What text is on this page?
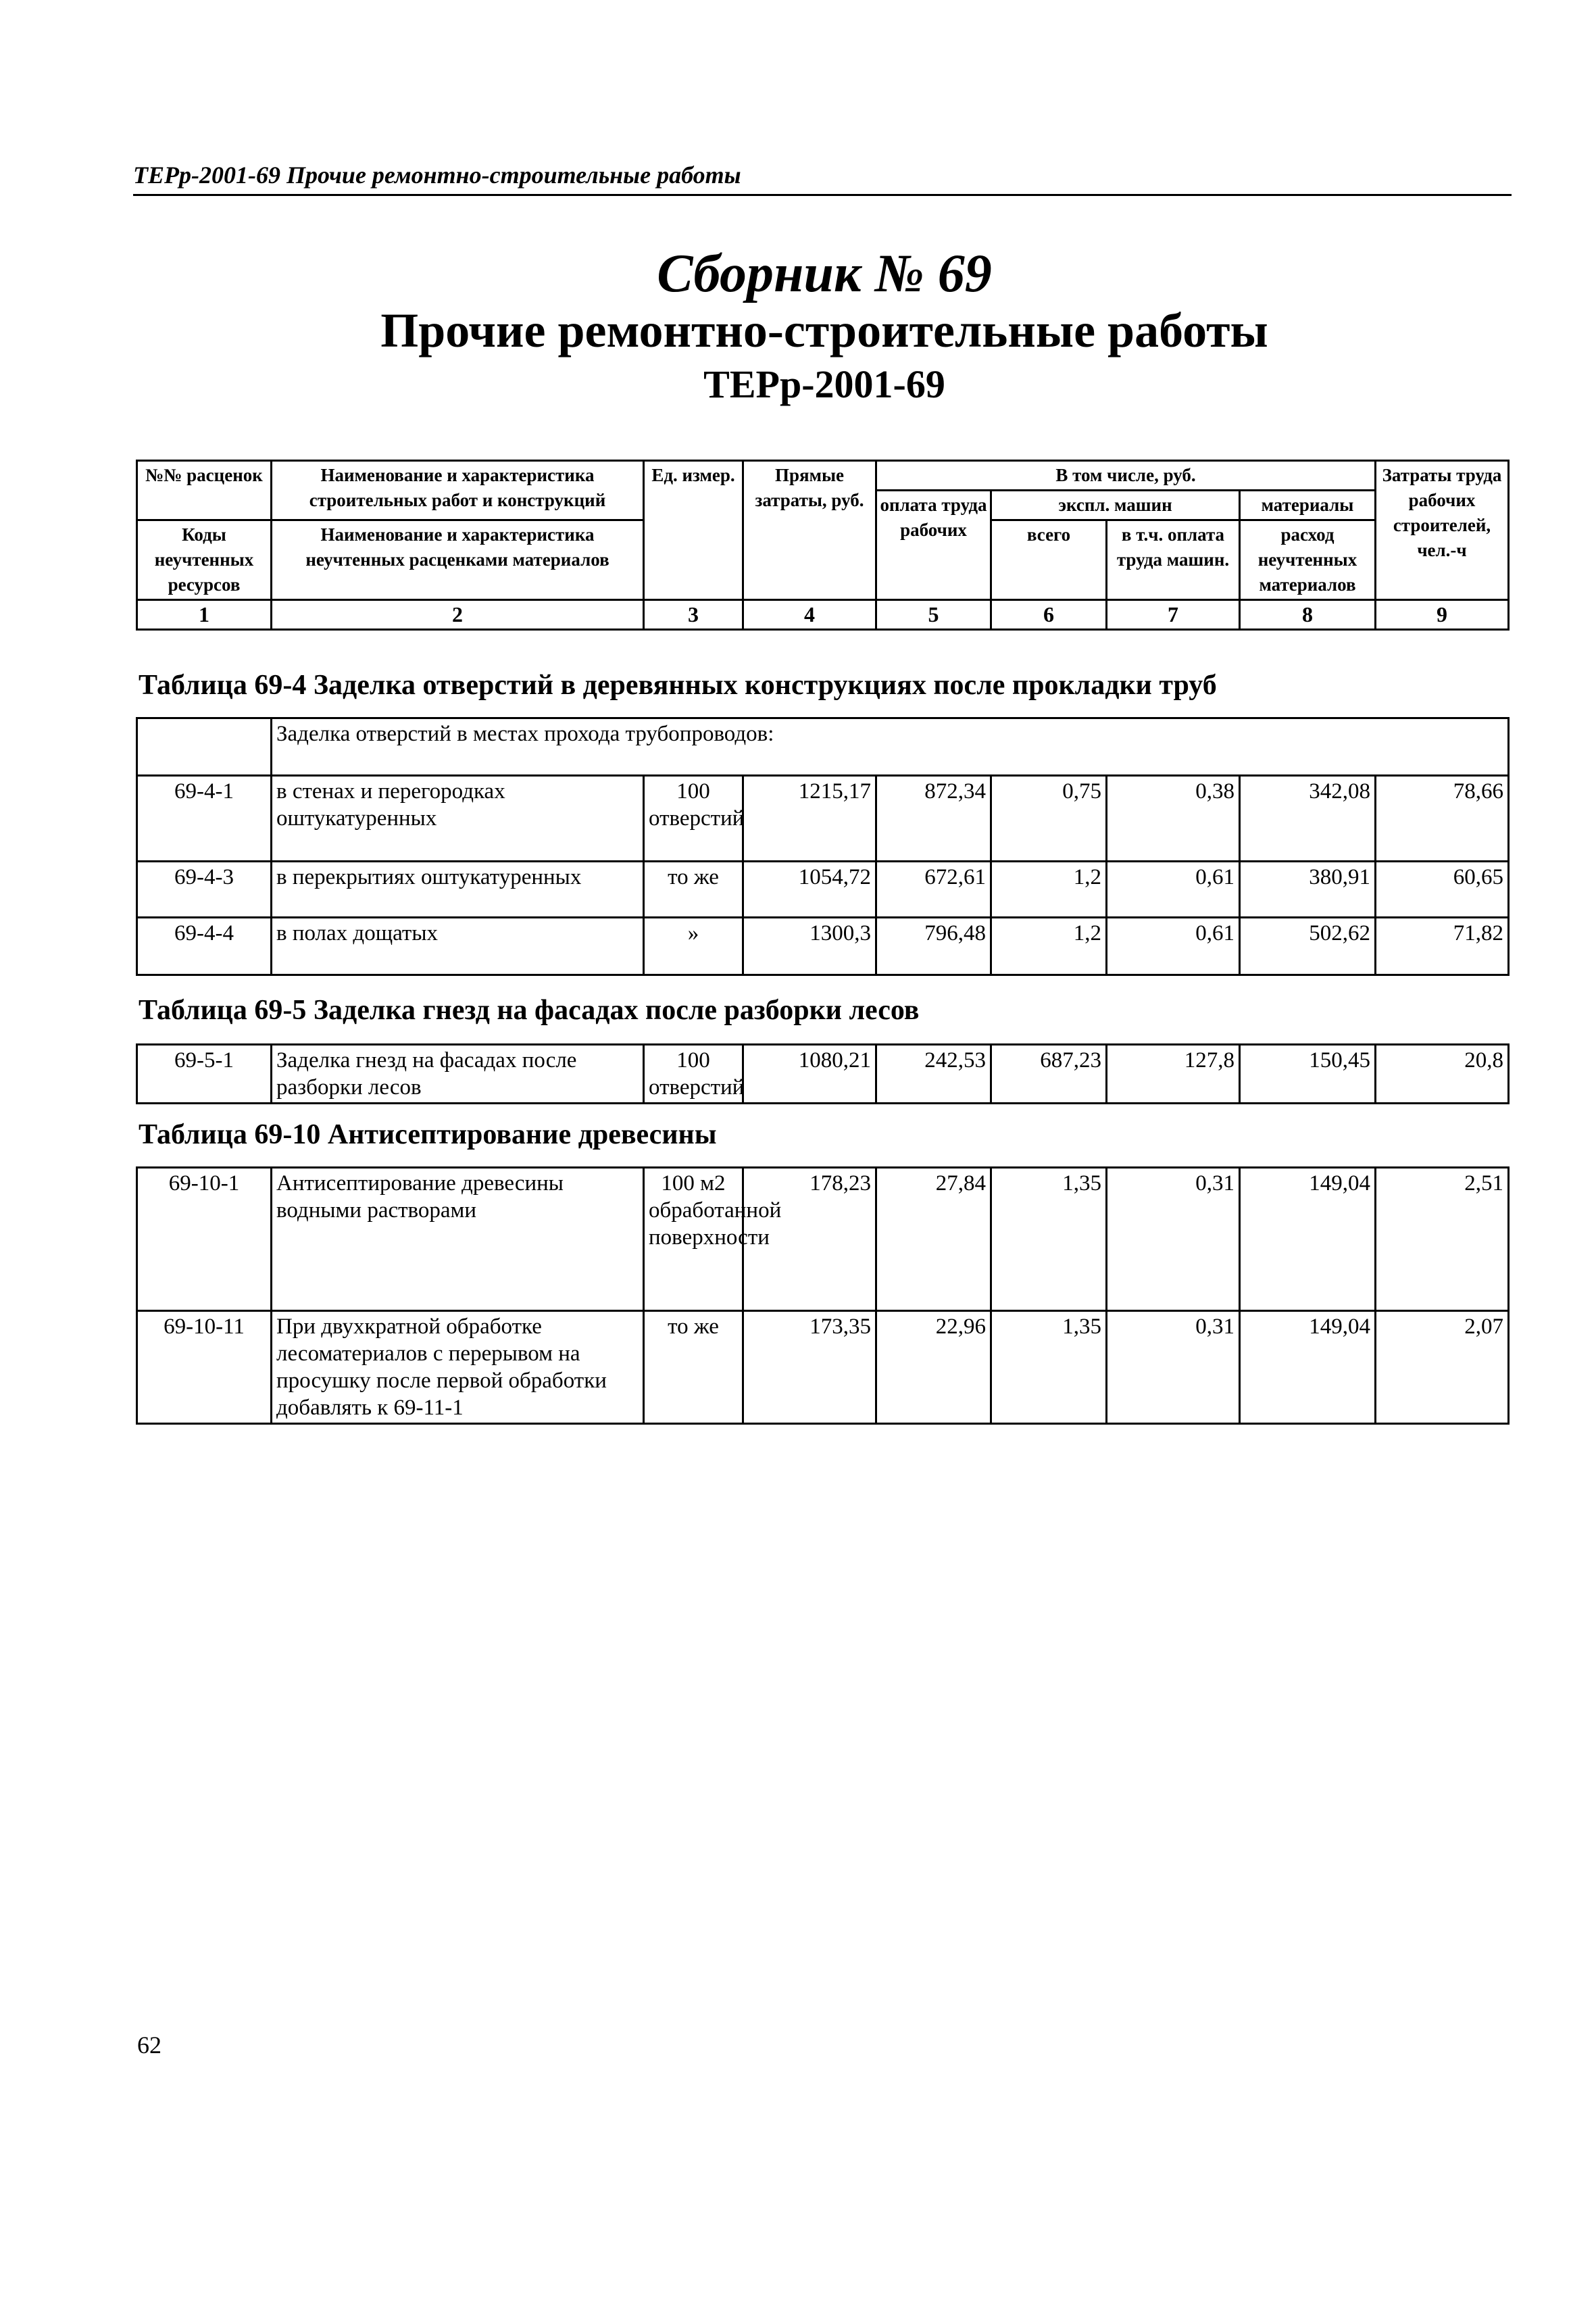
ТЕРр-2001-69 Прочие ремонтно-строительные работы
Сборник № 69
Прочие ремонтно-строительные работы
ТЕРр-2001-69
№№ расценок	Наименование и характеристика строительных работ и конструкций	Ед. измер.	Прямые затраты, руб.	В том числе, руб.				Затраты труда рабочих строителей, чел.-ч
				оплата труда рабочих	экспл. машин		материалы	
Коды неучтенных ресурсов	Наименование и характеристика неучтенных расценками материалов				всего	в т.ч. оплата труда машин.	расход неучтенных материалов	

1	2	3	4	5	6	7	8	9
Таблица 69-4 Заделка отверстий в деревянных конструкциях после прокладки труб
	Заделка отверстий в местах прохода трубопроводов:							
69-4-1	в стенах и перегородках оштукатуренных	100 отверстий	1215,17	872,34	0,75	0,38	342,08	78,66
69-4-3	в перекрытиях оштукатуренных	то же	1054,72	672,61	1,2	0,61	380,91	60,65
69-4-4	в полах дощатых	»	1300,3	796,48	1,2	0,61	502,62	71,82
Таблица 69-5 Заделка гнезд на фасадах после разборки лесов
69-5-1	Заделка гнезд на фасадах после разборки лесов	100 отверстий	1080,21	242,53	687,23	127,8	150,45	20,8
Таблица 69-10 Антисептирование древесины
69-10-1	Антисептирование древесины водными растворами	100 м2 обработанной поверхности	178,23	27,84	1,35	0,31	149,04	2,51
69-10-11	При двухкратной обработке лесоматериалов с перерывом на просушку после первой обработки добавлять к 69-11-1	то же	173,35	22,96	1,35	0,31	149,04	2,07
62
